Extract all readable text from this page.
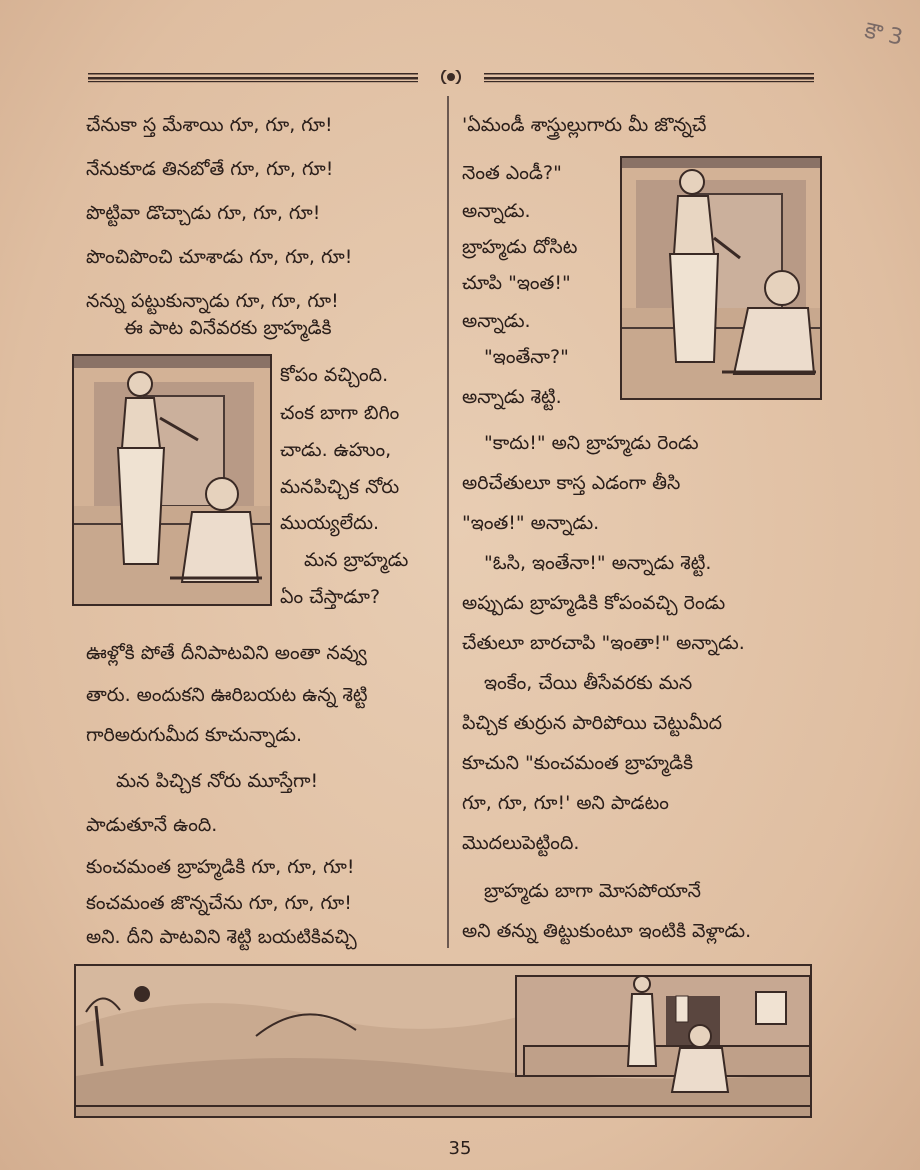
కౌ 3
చేనుకా స్త మేశాయి గూ, గూ, గూ!
నేనుకూడ తినబోతే గూ, గూ, గూ!
పొట్టివా డొచ్చాడు గూ, గూ, గూ!
పొంచిపొంచి చూశాడు గూ, గూ, గూ!
నన్ను పట్టుకున్నాడు గూ, గూ, గూ!
ఈ పాట వినేవరకు బ్రాహ్మడికి
కోపం వచ్చింది.
చంక బాగా బిగిం
చాడు. ఉహుం,
మనపిచ్చిక నోరు
ముయ్యలేదు.
మన బ్రాహ్మడు
ఏం చేస్తాడూ?
ఊళ్లోకి పోతే దీనిపాటవిని అంతా నవ్వు
తారు. అందుకని ఊరిబయట ఉన్న శెట్టి
గారిఅరుగుమీద కూచున్నాడు.
మన పిచ్చిక నోరు మూస్తేగా!
పాడుతూనే ఉంది.
కుంచమంత బ్రాహ్మడికి గూ, గూ, గూ!
కంచమంత జొన్నచేను గూ, గూ, గూ!
అని. దీని పాటవిని శెట్టి బయటికివచ్చి
'ఏమండీ శాస్త్రుల్లుగారు మీ జొన్నచే
నెంత ఎండీ?"
అన్నాడు.
బ్రాహ్మడు దోసిట
చూపి "ఇంత!"
అన్నాడు.
"ఇంతేనా?"
అన్నాడు శెట్టి.
"కాదు!" అని బ్రాహ్మడు రెండు
అరిచేతులూ కాస్త ఎడంగా తీసి
"ఇంత!" అన్నాడు.
"ఓసి, ఇంతేనా!" అన్నాడు శెట్టి.
అప్పుడు బ్రాహ్మడికి కోపంవచ్చి రెండు
చేతులూ బారచాపి "ఇంతా!" అన్నాడు.
ఇంకేం, చేయి తీసేవరకు మన
పిచ్చిక తుర్రున పారిపోయి చెట్టుమీద
కూచుని "కుంచమంత బ్రాహ్మడికి
గూ, గూ, గూ!' అని పాడటం
మొదలుపెట్టింది.
బ్రాహ్మడు బాగా మోసపోయానే
అని తన్ను తిట్టుకుంటూ ఇంటికి వెళ్లాడు.
35
